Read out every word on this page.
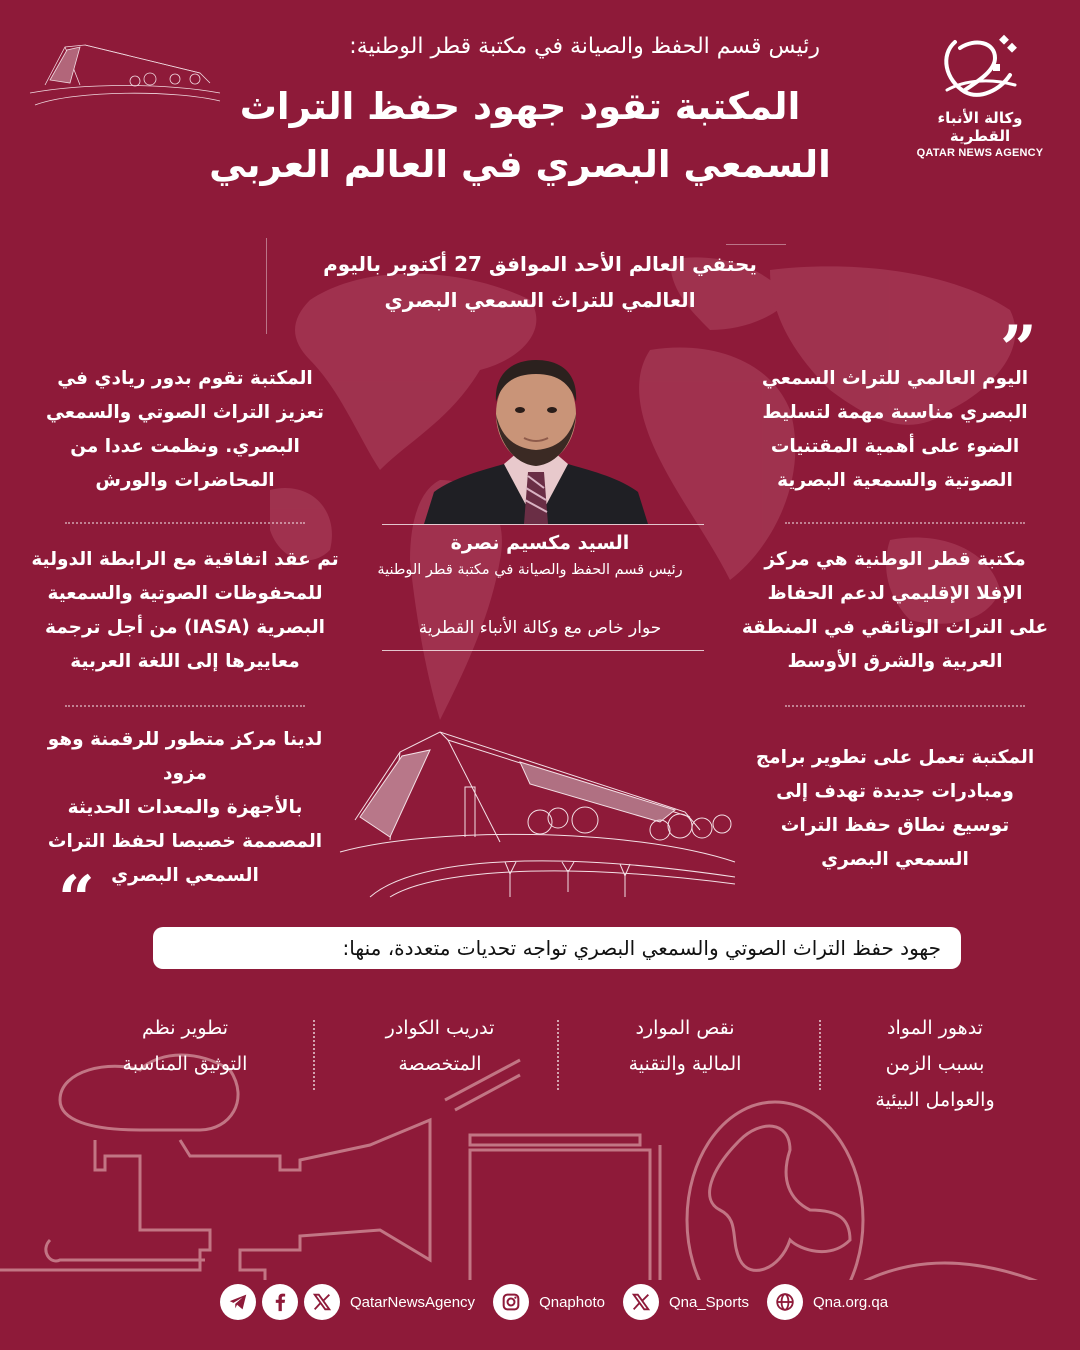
وكالة الأنباء القطرية
QATAR NEWS AGENCY
رئيس قسم الحفظ والصيانة في مكتبة قطر الوطنية:
المكتبة تقود جهود حفظ التراث
السمعي البصري في العالم العربي
يحتفي العالم الأحد الموافق 27 أكتوبر باليوم
العالمي للتراث السمعي البصري
”
“
اليوم العالمي للتراث السمعي
البصري مناسبة مهمة لتسليط
الضوء على أهمية المقتنيات
الصوتية والسمعية البصرية
مكتبة قطر الوطنية هي مركز
الإفلا الإقليمي لدعم الحفاظ
على التراث الوثائقي في المنطقة
العربية والشرق الأوسط
المكتبة تعمل على تطوير برامج
ومبادرات جديدة تهدف إلى
توسيع نطاق حفظ التراث
السمعي البصري
المكتبة تقوم بدور ريادي في
تعزيز التراث الصوتي والسمعي
البصري. ونظمت عددا من
المحاضرات والورش
تم عقد اتفاقية مع الرابطة الدولية
للمحفوظات الصوتية والسمعية
البصرية (IASA) من أجل ترجمة
معاييرها إلى اللغة العربية
لدينا مركز متطور للرقمنة وهو مزود
بالأجهزة والمعدات الحديثة
المصممة خصيصا لحفظ التراث
السمعي البصري
السيد مكسيم نصرة
رئيس قسم الحفظ والصيانة في مكتبة قطر الوطنية
حوار خاص مع وكالة الأنباء القطرية
جهود حفظ التراث الصوتي والسمعي البصري تواجه تحديات متعددة، منها:
تدهور المواد
بسبب الزمن
والعوامل البيئية
نقص الموارد
المالية والتقنية
تدريب الكوادر
المتخصصة
تطوير نظم
التوثيق المناسبة
QatarNewsAgency	Qnaphoto	Qna_Sports	Qna.org.qa
